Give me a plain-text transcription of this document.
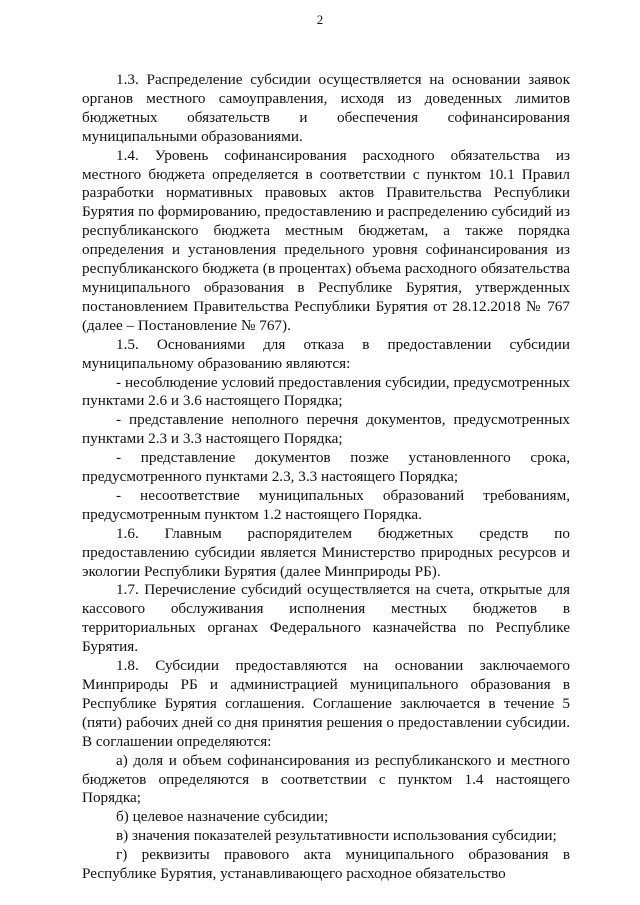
2

1.3. Распределение субсидии осуществляется на основании заявок органов местного самоуправления, исходя из доведенных лимитов бюджетных обязательств и обеспечения софинансирования муниципальными образованиями.

1.4. Уровень софинансирования расходного обязательства из местного бюджета определяется в соответствии с пунктом 10.1 Правил разработки нормативных правовых актов Правительства Республики Бурятия по формированию, предоставлению и распределению субсидий из республиканского бюджета местным бюджетам, а также порядка определения и установления предельного уровня софинансирования из республиканского бюджета (в процентах) объема расходного обязательства муниципального образования в Республике Бурятия, утвержденных постановлением Правительства Республики Бурятия от 28.12.2018 № 767 (далее – Постановление № 767).

1.5. Основаниями для отказа в предоставлении субсидии муниципальному образованию являются:

- несоблюдение условий предоставления субсидии, предусмотренных пунктами 2.6 и 3.6 настоящего Порядка;

- представление неполного перечня документов, предусмотренных пунктами 2.3 и 3.3 настоящего Порядка;

- представление документов позже установленного срока, предусмотренного пунктами 2.3, 3.3 настоящего Порядка;

- несоответствие муниципальных образований требованиям, предусмотренным пунктом 1.2 настоящего Порядка.

1.6. Главным распорядителем бюджетных средств по предоставлению субсидии является Министерство природных ресурсов и экологии Республики Бурятия (далее Минприроды РБ).

1.7. Перечисление субсидий осуществляется на счета, открытые для кассового обслуживания исполнения местных бюджетов в территориальных органах Федерального казначейства по Республике Бурятия.

1.8. Субсидии предоставляются на основании заключаемого Минприроды РБ и администрацией муниципального образования в Республике Бурятия соглашения. Соглашение заключается в течение 5 (пяти) рабочих дней со дня принятия решения о предоставлении субсидии. В соглашении определяются:

а) доля и объем софинансирования из республиканского и местного бюджетов определяются в соответствии с пунктом 1.4 настоящего Порядка;

б) целевое назначение субсидии;

в) значения показателей результативности использования субсидии;

г) реквизиты правового акта муниципального образования в Республике Бурятия, устанавливающего расходное обязательство
